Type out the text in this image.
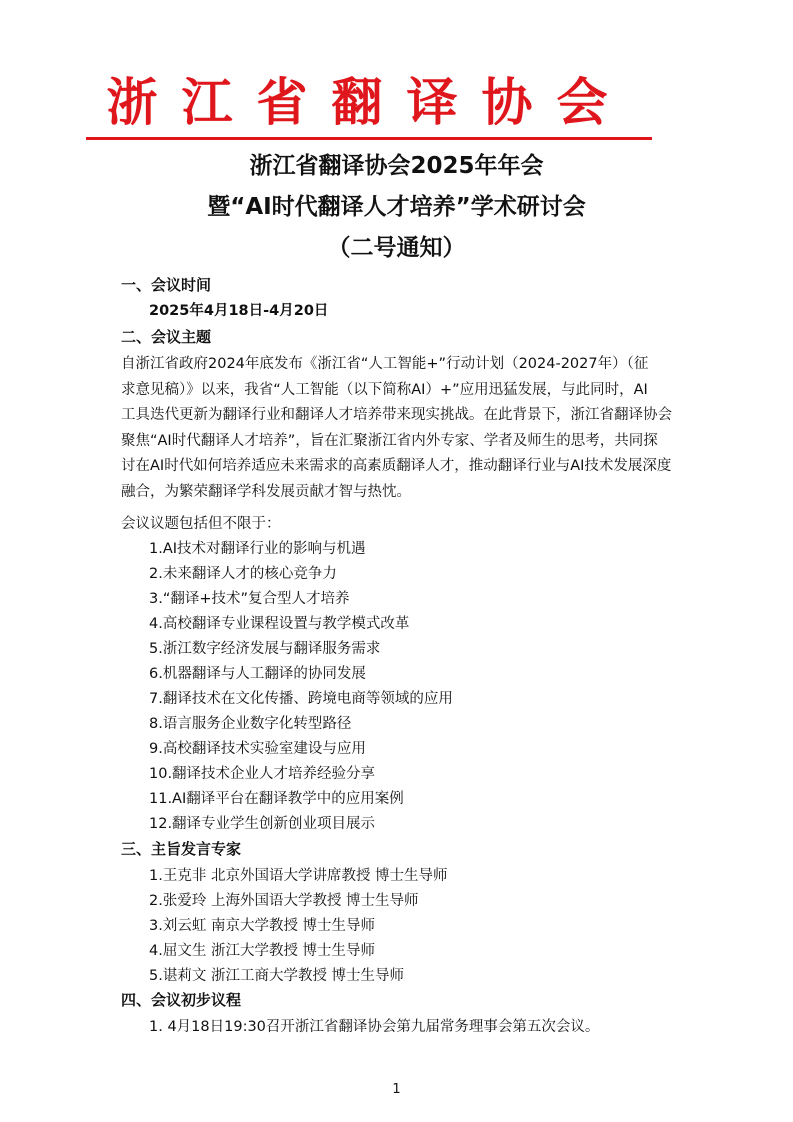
浙江省翻译协会
浙江省翻译协会2025年年会
暨“AI时代翻译人才培养”学术研讨会
（二号通知）
一、会议时间
2025年4月18日-4月20日
二、会议主题

自浙江省政府2024年底发布《浙江省“人工智能+”行动计划（2024-2027年）（征

求意见稿）》以来，我省“人工智能（以下简称AI）+”应用迅猛发展，与此同时，AI

工具迭代更新为翻译行业和翻译人才培养带来现实挑战。在此背景下，浙江省翻译协会

聚焦“AI时代翻译人才培养”，旨在汇聚浙江省内外专家、学者及师生的思考，共同探

讨在AI时代如何培养适应未来需求的高素质翻译人才，推动翻译行业与AI技术发展深度

融合，为繁荣翻译学科发展贡献才智与热忱。

会议议题包括但不限于：
1.AI技术对翻译行业的影响与机遇
2.未来翻译人才的核心竞争力
3.“翻译+技术”复合型人才培养
4.高校翻译专业课程设置与教学模式改革
5.浙江数字经济发展与翻译服务需求
6.机器翻译与人工翻译的协同发展
7.翻译技术在文化传播、跨境电商等领域的应用
8.语言服务企业数字化转型路径
9.高校翻译技术实验室建设与应用
10.翻译技术企业人才培养经验分享
11.AI翻译平台在翻译教学中的应用案例
12.翻译专业学生创新创业项目展示
三、主旨发言专家
1.王克非 北京外国语大学讲席教授 博士生导师
2.张爱玲 上海外国语大学教授 博士生导师
3.刘云虹 南京大学教授 博士生导师
4.屈文生 浙江大学教授 博士生导师
5.谌莉文 浙江工商大学教授 博士生导师
四、会议初步议程
1. 4月18日19:30召开浙江省翻译协会第九届常务理事会第五次会议。
1
